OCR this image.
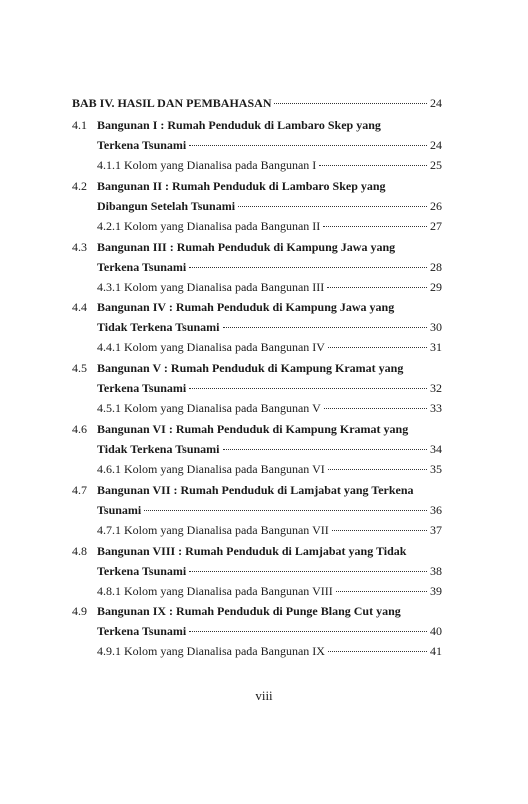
BAB IV. HASIL DAN PEMBAHASAN	24
4.1 Bangunan I : Rumah Penduduk di Lambaro Skep yang
Terkena Tsunami	24
4.1.1 Kolom yang Dianalisa pada Bangunan I	25
4.2 Bangunan II : Rumah Penduduk di Lambaro Skep yang
Dibangun Setelah Tsunami	26
4.2.1 Kolom yang Dianalisa pada Bangunan II	27
4.3 Bangunan III : Rumah Penduduk di Kampung Jawa yang
Terkena Tsunami	28
4.3.1 Kolom yang Dianalisa pada Bangunan III	29
4.4 Bangunan IV : Rumah Penduduk di Kampung Jawa yang
Tidak Terkena Tsunami	30
4.4.1 Kolom yang Dianalisa pada Bangunan IV	31
4.5 Bangunan V : Rumah Penduduk di Kampung Kramat yang
Terkena Tsunami	32
4.5.1 Kolom yang Dianalisa pada Bangunan V	33
4.6 Bangunan VI : Rumah Penduduk di Kampung Kramat yang
Tidak Terkena Tsunami	34
4.6.1 Kolom yang Dianalisa pada Bangunan VI	35
4.7 Bangunan VII : Rumah Penduduk di Lamjabat yang Terkena
Tsunami	36
4.7.1 Kolom yang Dianalisa pada Bangunan VII	37
4.8 Bangunan VIII : Rumah Penduduk di Lamjabat yang Tidak
Terkena Tsunami	38
4.8.1 Kolom yang Dianalisa pada Bangunan VIII	39
4.9 Bangunan IX : Rumah Penduduk di Punge Blang Cut yang
Terkena Tsunami	40
4.9.1 Kolom yang Dianalisa pada Bangunan IX	41
viii
